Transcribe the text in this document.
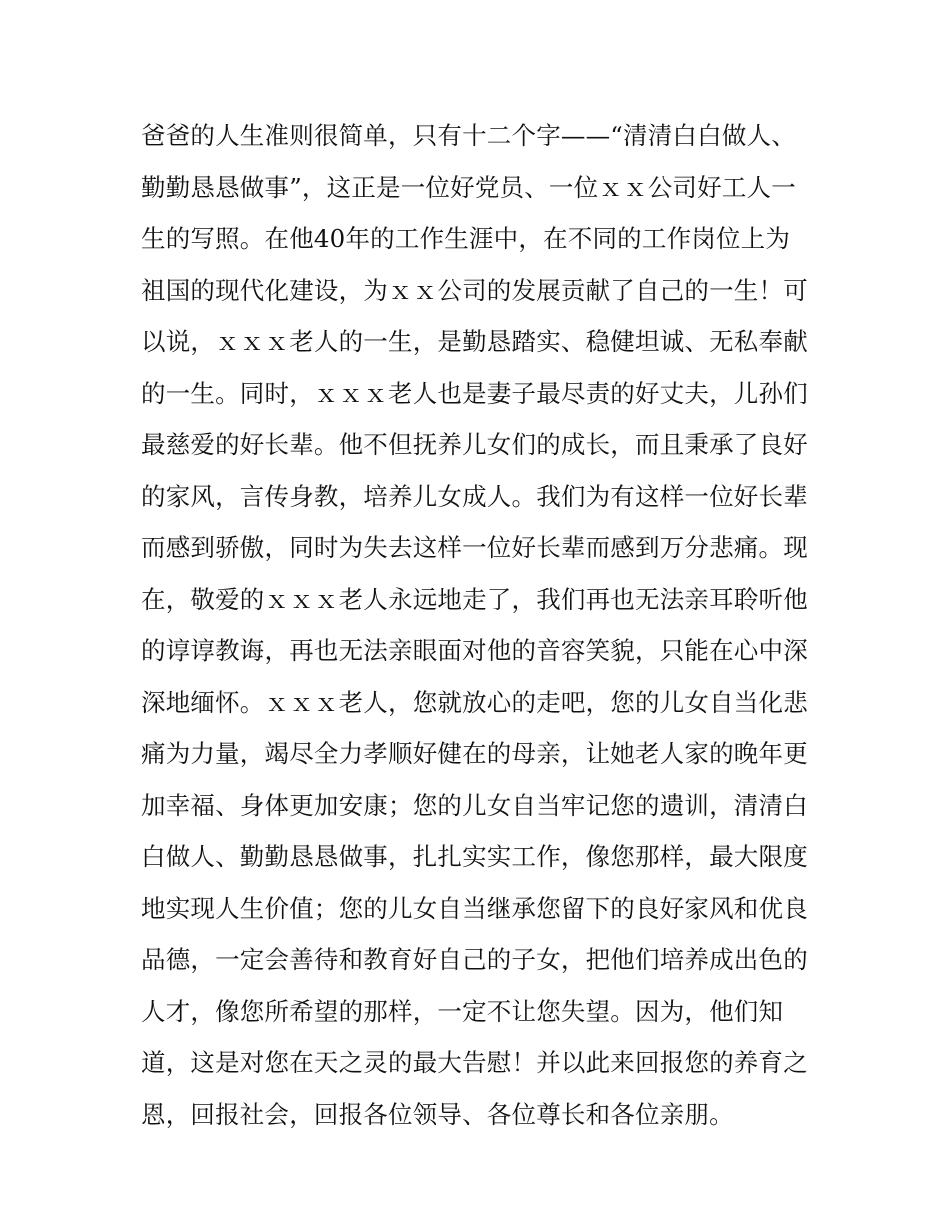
爸爸的人生准则很简单，只有十二个字——“清清白白做人、
勤勤恳恳做事”，这正是一位好党员、一位ｘｘ公司好工人一
生的写照。在他40年的工作生涯中，在不同的工作岗位上为
祖国的现代化建设，为ｘｘ公司的发展贡献了自己的一生！可
以说，ｘｘｘ老人的一生，是勤恳踏实、稳健坦诚、无私奉献
的一生。同时，ｘｘｘ老人也是妻子最尽责的好丈夫，儿孙们
最慈爱的好长辈。他不但抚养儿女们的成长，而且秉承了良好
的家风，言传身教，培养儿女成人。我们为有这样一位好长辈
而感到骄傲，同时为失去这样一位好长辈而感到万分悲痛。现
在，敬爱的ｘｘｘ老人永远地走了，我们再也无法亲耳聆听他
的谆谆教诲，再也无法亲眼面对他的音容笑貌，只能在心中深
深地缅怀。ｘｘｘ老人，您就放心的走吧，您的儿女自当化悲
痛为力量，竭尽全力孝顺好健在的母亲，让她老人家的晚年更
加幸福、身体更加安康；您的儿女自当牢记您的遗训，清清白
白做人、勤勤恳恳做事，扎扎实实工作，像您那样，最大限度
地实现人生价值；您的儿女自当继承您留下的良好家风和优良
品德，一定会善待和教育好自己的子女，把他们培养成出色的
人才，像您所希望的那样，一定不让您失望。因为，他们知
道，这是对您在天之灵的最大告慰！并以此来回报您的养育之
恩，回报社会，回报各位领导、各位尊长和各位亲朋。
